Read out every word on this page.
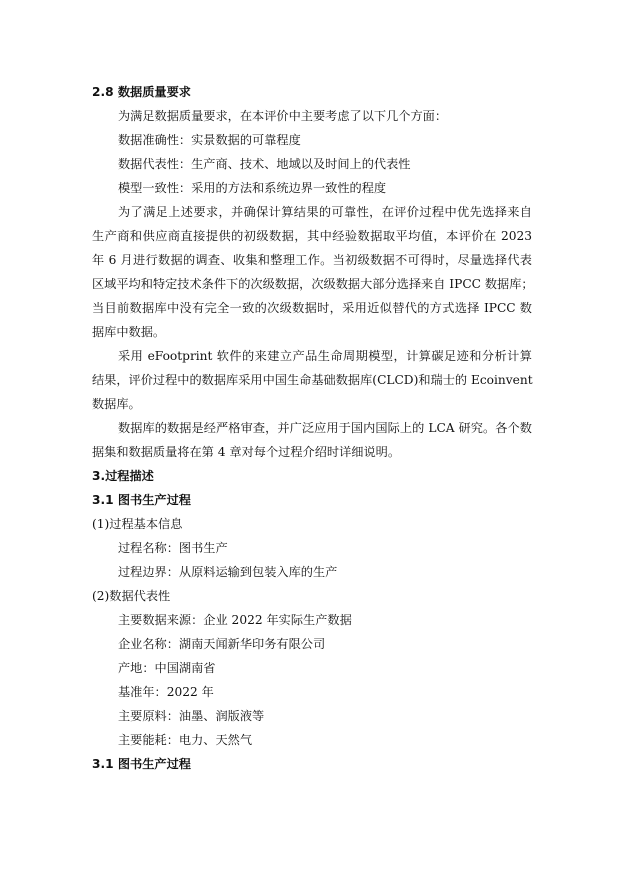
2.8 数据质量要求
为满足数据质量要求，在本评价中主要考虑了以下几个方面：
数据准确性：实景数据的可靠程度
数据代表性：生产商、技术、地域以及时间上的代表性
模型一致性：采用的方法和系统边界一致性的程度
为了满足上述要求，并确保计算结果的可靠性，在评价过程中优先选择来自
生产商和供应商直接提供的初级数据，其中经验数据取平均值，本评价在 2023
年 6 月进行数据的调查、收集和整理工作。当初级数据不可得时，尽量选择代表
区域平均和特定技术条件下的次级数据，次级数据大部分选择来自 IPCC 数据库；
当目前数据库中没有完全一致的次级数据时，采用近似替代的方式选择 IPCC 数
据库中数据。
采用 eFootprint 软件的来建立产品生命周期模型，计算碳足迹和分析计算
结果，评价过程中的数据库采用中国生命基础数据库(CLCD)和瑞士的 Ecoinvent
数据库。
数据库的数据是经严格审查，并广泛应用于国内国际上的 LCA 研究。各个数
据集和数据质量将在第 4 章对每个过程介绍时详细说明。
3.过程描述
3.1 图书生产过程
(1)过程基本信息
过程名称：图书生产
过程边界：从原料运输到包装入库的生产
(2)数据代表性
主要数据来源：企业 2022 年实际生产数据
企业名称：湖南天闻新华印务有限公司
产地：中国湖南省
基准年：2022 年
主要原料：油墨、润版液等
主要能耗：电力、天然气
3.1 图书生产过程
